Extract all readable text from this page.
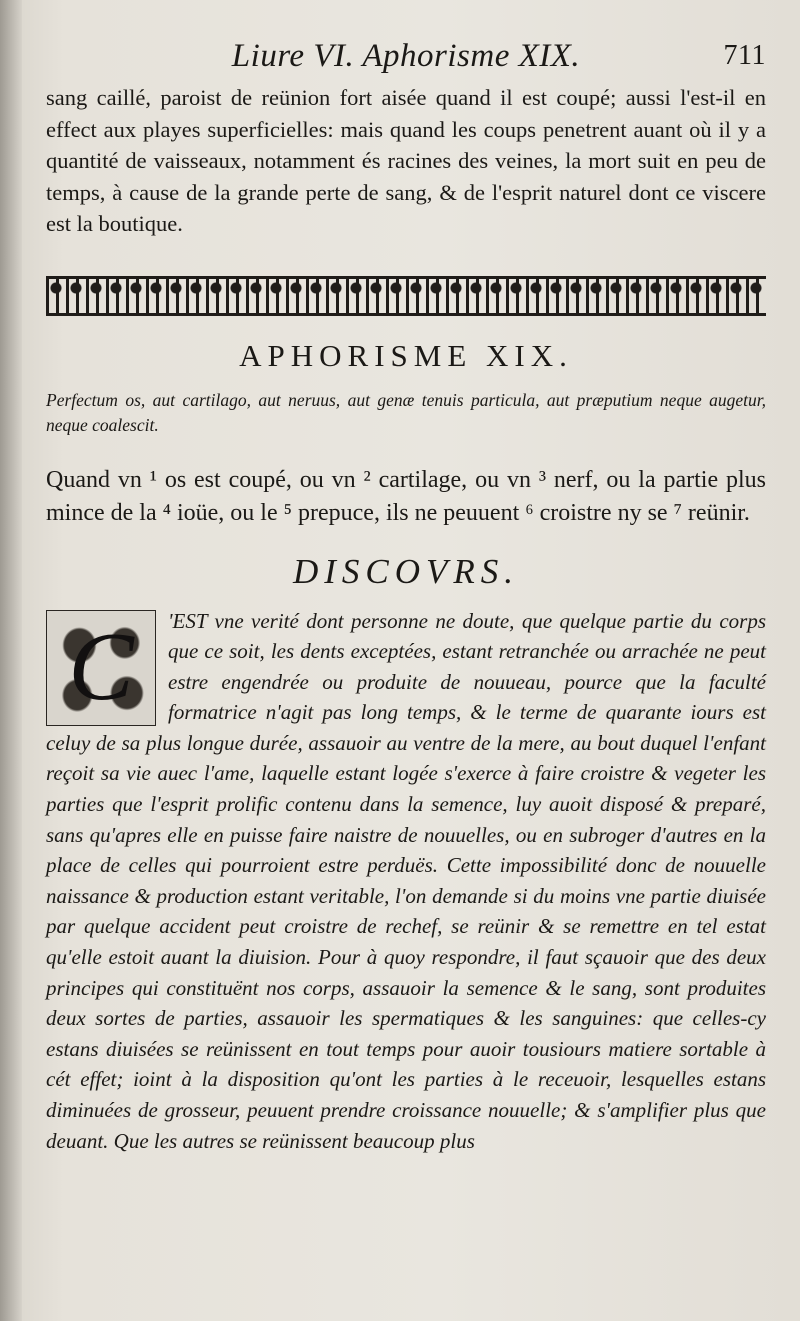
Liure VI. Aphorisme XIX.	711

sang caillé, paroist de reünion fort aisée quand il est coupé; aussi l'est-il en effect aux playes superficielles: mais quand les coups penetrent auant où il y a quantité de vaisseaux, notamment és racines des veines, la mort suit en peu de temps, à cause de la grande perte de sang, & de l'esprit naturel dont ce viscere est la boutique.

APHORISME XIX.

Perfectum os, aut cartilago, aut neruus, aut genæ tenuis particula, aut præputium neque augetur, neque coalescit.

Quand vn ¹ os est coupé, ou vn ² cartilage, ou vn ³ nerf, ou la partie plus mince de la ⁴ ioüe, ou le ⁵ prepuce, ils ne peuuent ⁶ croistre ny se ⁷ reünir.

DISCOVRS.
C	'EST vne verité dont personne ne doute, que quelque partie du corps que ce soit, les dents exceptées, estant retranchée ou arrachée ne peut estre engendrée ou produite de nouueau, pource que la faculté formatrice n'agit pas long temps, & le terme de quarante iours est celuy de sa plus longue durée, assauoir au ventre de la mere, au bout duquel l'enfant reçoit sa vie auec l'ame, laquelle estant logée s'exerce à faire croistre & vegeter les parties que l'esprit prolific contenu dans la semence, luy auoit disposé & preparé, sans qu'apres elle en puisse faire naistre de nouuelles, ou en subroger d'autres en la place de celles qui pourroient estre perduës. Cette impossibilité donc de nouuelle naissance & production estant veritable, l'on demande si du moins vne partie diuisée par quelque accident peut croistre de rechef, se reünir & se remettre en tel estat qu'elle estoit auant la diuision. Pour à quoy respondre, il faut sçauoir que des deux principes qui constituënt nos corps, assauoir la semence & le sang, sont produites deux sortes de parties, assauoir les spermatiques & les sanguines: que celles-cy estans diuisées se reünissent en tout temps pour auoir tousiours matiere sortable à cét effet; ioint à la disposition qu'ont les parties à le receuoir, lesquelles estans diminuées de grosseur, peuuent prendre croissance nouuelle; & s'amplifier plus que deuant. Que les autres se reünissent beaucoup plus
